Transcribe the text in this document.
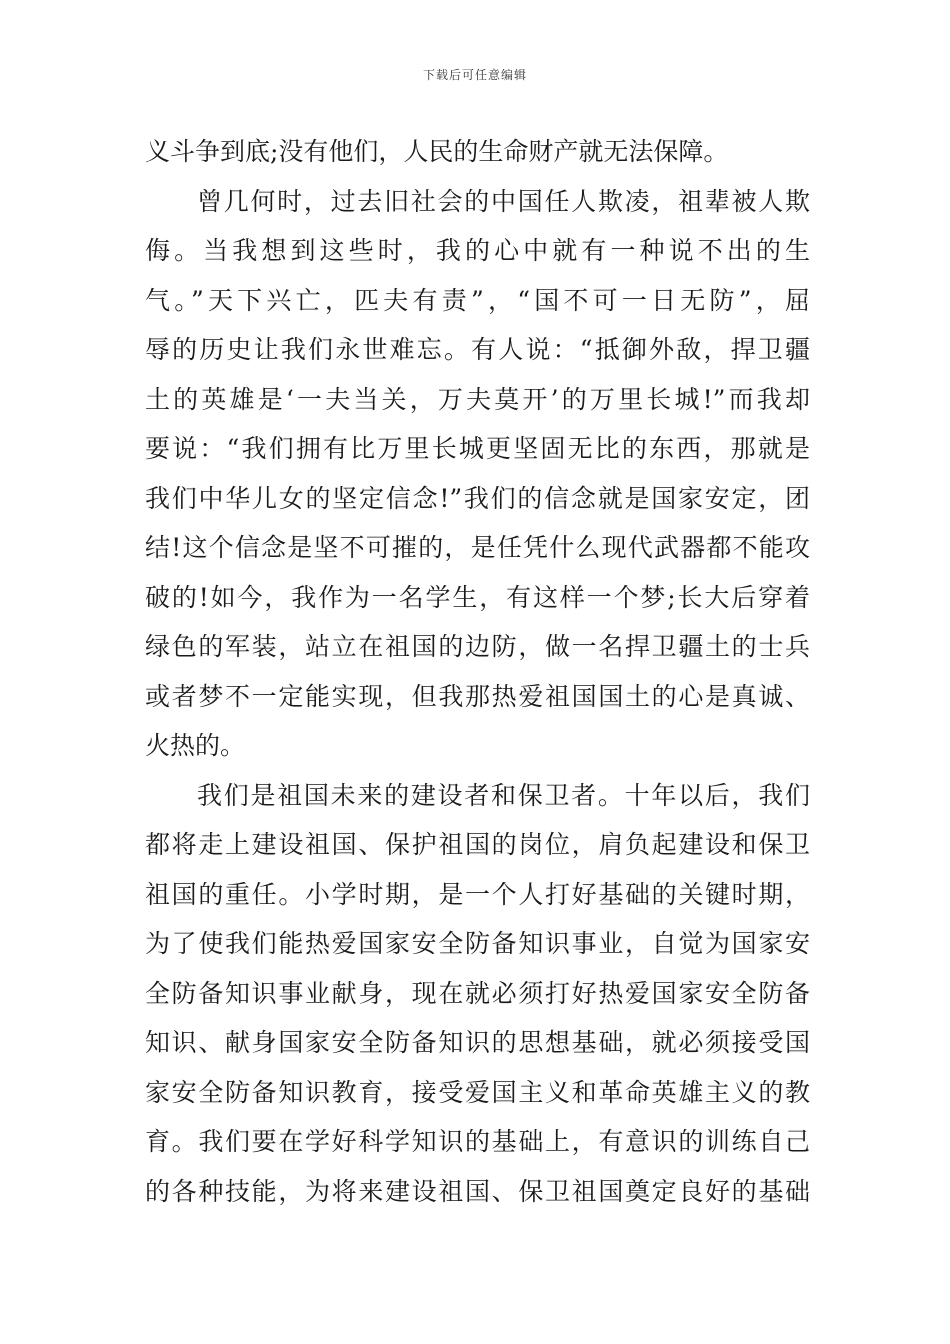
下载后可任意编辑
义斗争到底;没有他们，人民的生命财产就无法保障。
曾几何时，过去旧社会的中国任人欺凌，祖辈被人欺
侮。当我想到这些时，我的心中就有一种说不出的生
气。”天下兴亡，匹夫有责”，“国不可一日无防”，屈
辱的历史让我们永世难忘。有人说：“抵御外敌，捍卫疆
土的英雄是‘一夫当关，万夫莫开’的万里长城!”而我却
要说：“我们拥有比万里长城更坚固无比的东西，那就是
我们中华儿女的坚定信念!”我们的信念就是国家安定，团
结!这个信念是坚不可摧的，是任凭什么现代武器都不能攻
破的!如今，我作为一名学生，有这样一个梦;长大后穿着
绿色的军装，站立在祖国的边防，做一名捍卫疆土的士兵
或者梦不一定能实现，但我那热爱祖国国土的心是真诚、
火热的。
我们是祖国未来的建设者和保卫者。十年以后，我们
都将走上建设祖国、保护祖国的岗位，肩负起建设和保卫
祖国的重任。小学时期，是一个人打好基础的关键时期，
为了使我们能热爱国家安全防备知识事业，自觉为国家安
全防备知识事业献身，现在就必须打好热爱国家安全防备
知识、献身国家安全防备知识的思想基础，就必须接受国
家安全防备知识教育，接受爱国主义和革命英雄主义的教
育。我们要在学好科学知识的基础上，有意识的训练自己
的各种技能，为将来建设祖国、保卫祖国奠定良好的基础
